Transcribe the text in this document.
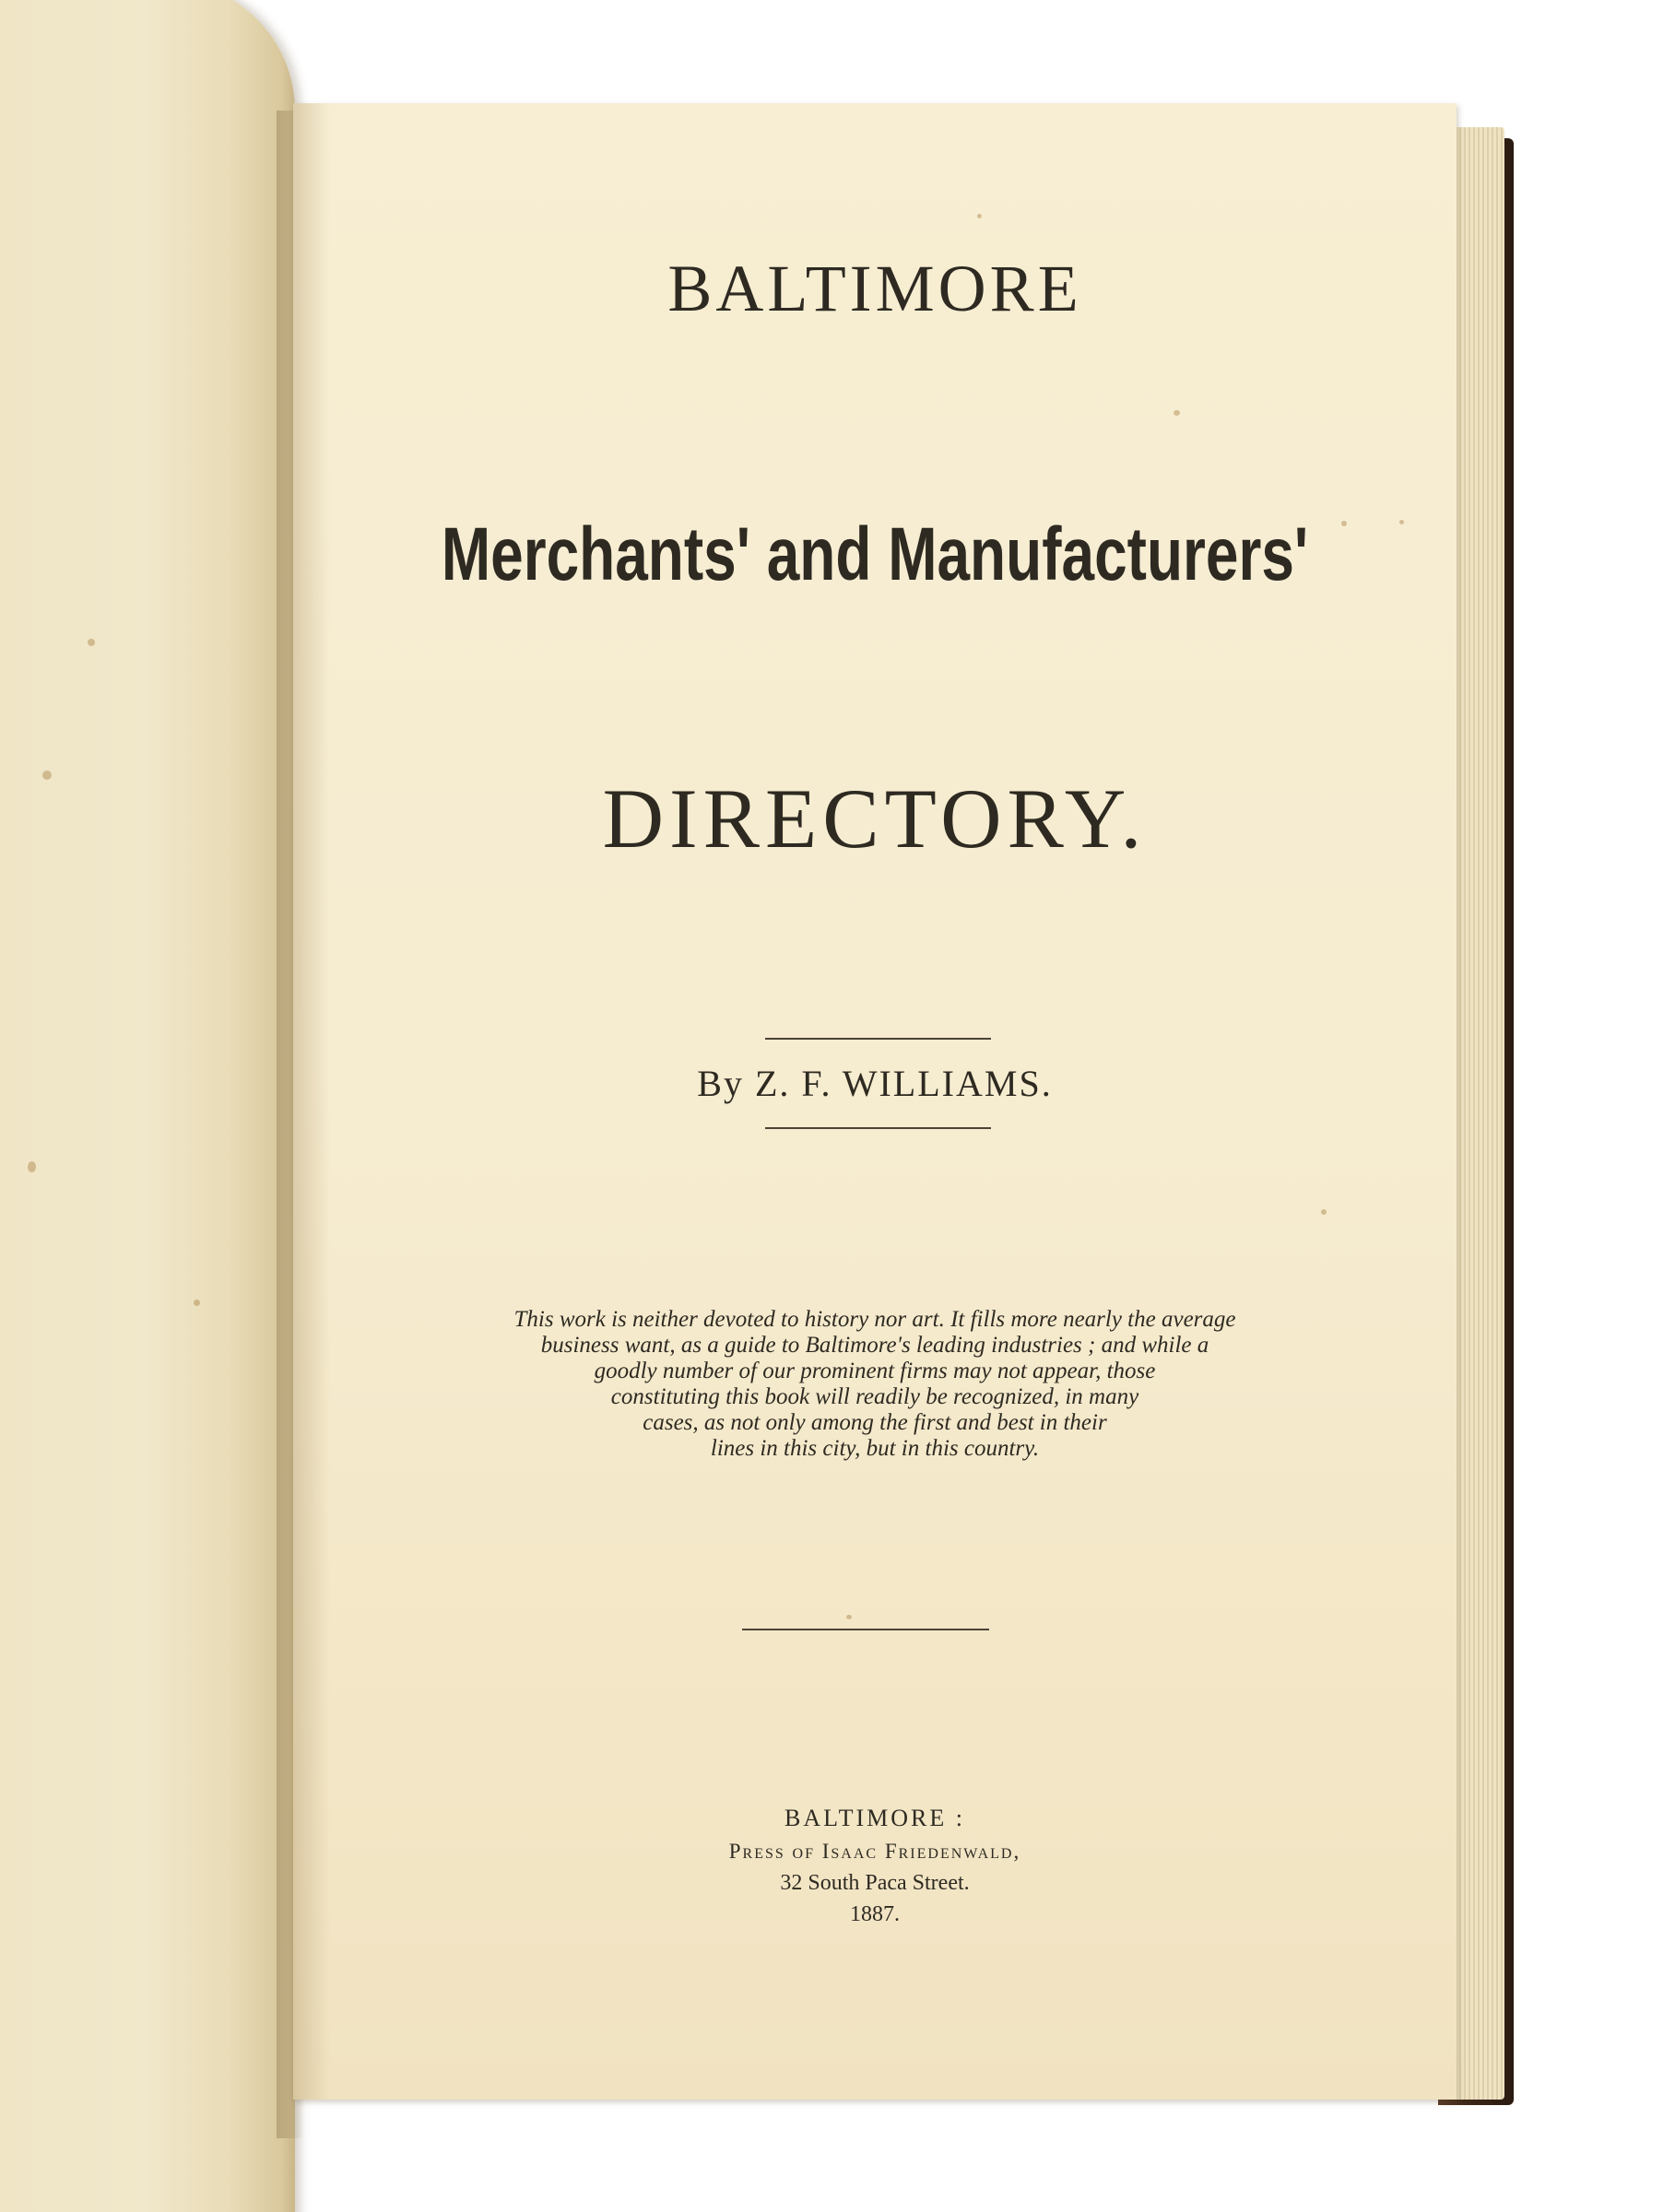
BALTIMORE
Merchants' and Manufacturers'
DIRECTORY.
By Z. F. WILLIAMS.
This work is neither devoted to history nor art. It fills more nearly the average
business want, as a guide to Baltimore's leading industries ; and while a
goodly number of our prominent firms may not appear, those
constituting this book will readily be recognized, in many
cases, as not only among the first and best in their
lines in this city, but in this country.
BALTIMORE :
Press of Isaac Friedenwald,
32 South Paca Street.
1887.
